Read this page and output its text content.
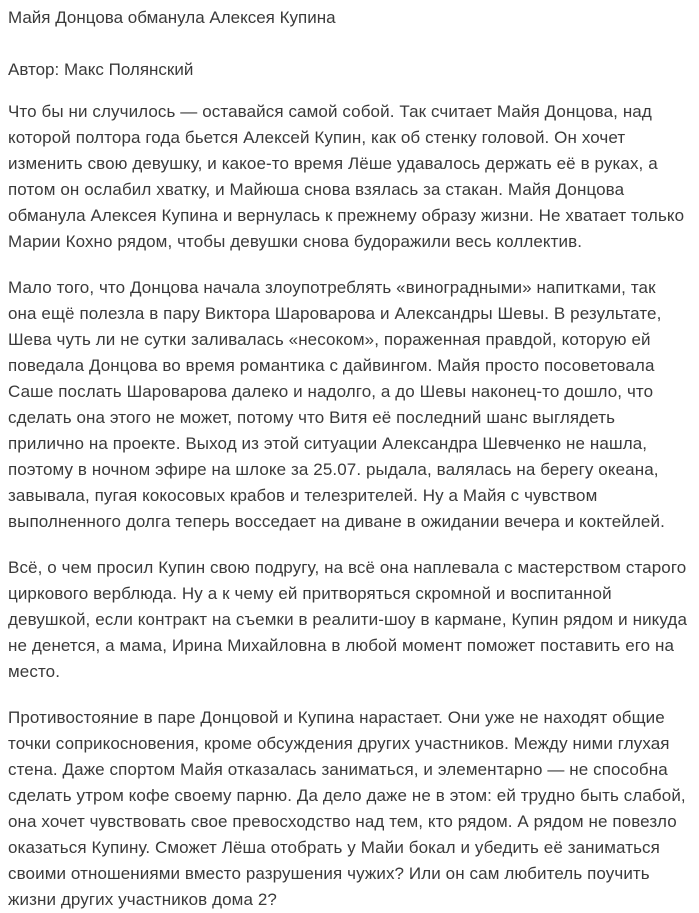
Майя Донцова обманула Алексея Купина

Автор: Макс Полянский

Что бы ни случилось — оставайся самой собой. Так считает Майя Донцова, над которой полтора года бьется Алексей Купин, как об стенку головой. Он хочет изменить свою девушку, и какое-то время Лёше удавалось держать её в руках, а потом он ослабил хватку, и Майюша снова взялась за стакан. Майя Донцова обманула Алексея Купина и вернулась к прежнему образу жизни. Не хватает только Марии Кохно рядом, чтобы девушки снова будоражили весь коллектив.

Мало того, что Донцова начала злоупотреблять «виноградными» напитками, так она ещё полезла в пару Виктора Шароварова и Александры Шевы. В результате, Шева чуть ли не сутки заливалась «несоком», пораженная правдой, которую ей поведала Донцова во время романтика с дайвингом. Майя просто посоветовала Саше послать Шароварова далеко и надолго, а до Шевы наконец-то дошло, что сделать она этого не может, потому что Витя её последний шанс выглядеть прилично на проекте. Выход из этой ситуации Александра Шевченко не нашла, поэтому в ночном эфире на шлоке за 25.07. рыдала, валялась на берегу океана, завывала, пугая кокосовых крабов и телезрителей. Ну а Майя с чувством выполненного долга теперь восседает на диване в ожидании вечера и коктейлей.

Всё, о чем просил Купин свою подругу, на всё она наплевала с мастерством старого циркового верблюда. Ну а к чему ей притворяться скромной и воспитанной девушкой, если контракт на съемки в реалити-шоу в кармане, Купин рядом и никуда не денется, а мама, Ирина Михайловна в любой момент поможет поставить его на место.

Противостояние в паре Донцовой и Купина нарастает. Они уже не находят общие точки соприкосновения, кроме обсуждения других участников. Между ними глухая стена. Даже спортом Майя отказалась заниматься, и элементарно — не способна сделать утром кофе своему парню. Да дело даже не в этом: ей трудно быть слабой, она хочет чувствовать свое превосходство над тем, кто рядом. А рядом не повезло оказаться Купину. Сможет Лёша отобрать у Майи бокал и убедить её заниматься своими отношениями вместо разрушения чужих? Или он сам любитель поучить жизни других участников дома 2?
